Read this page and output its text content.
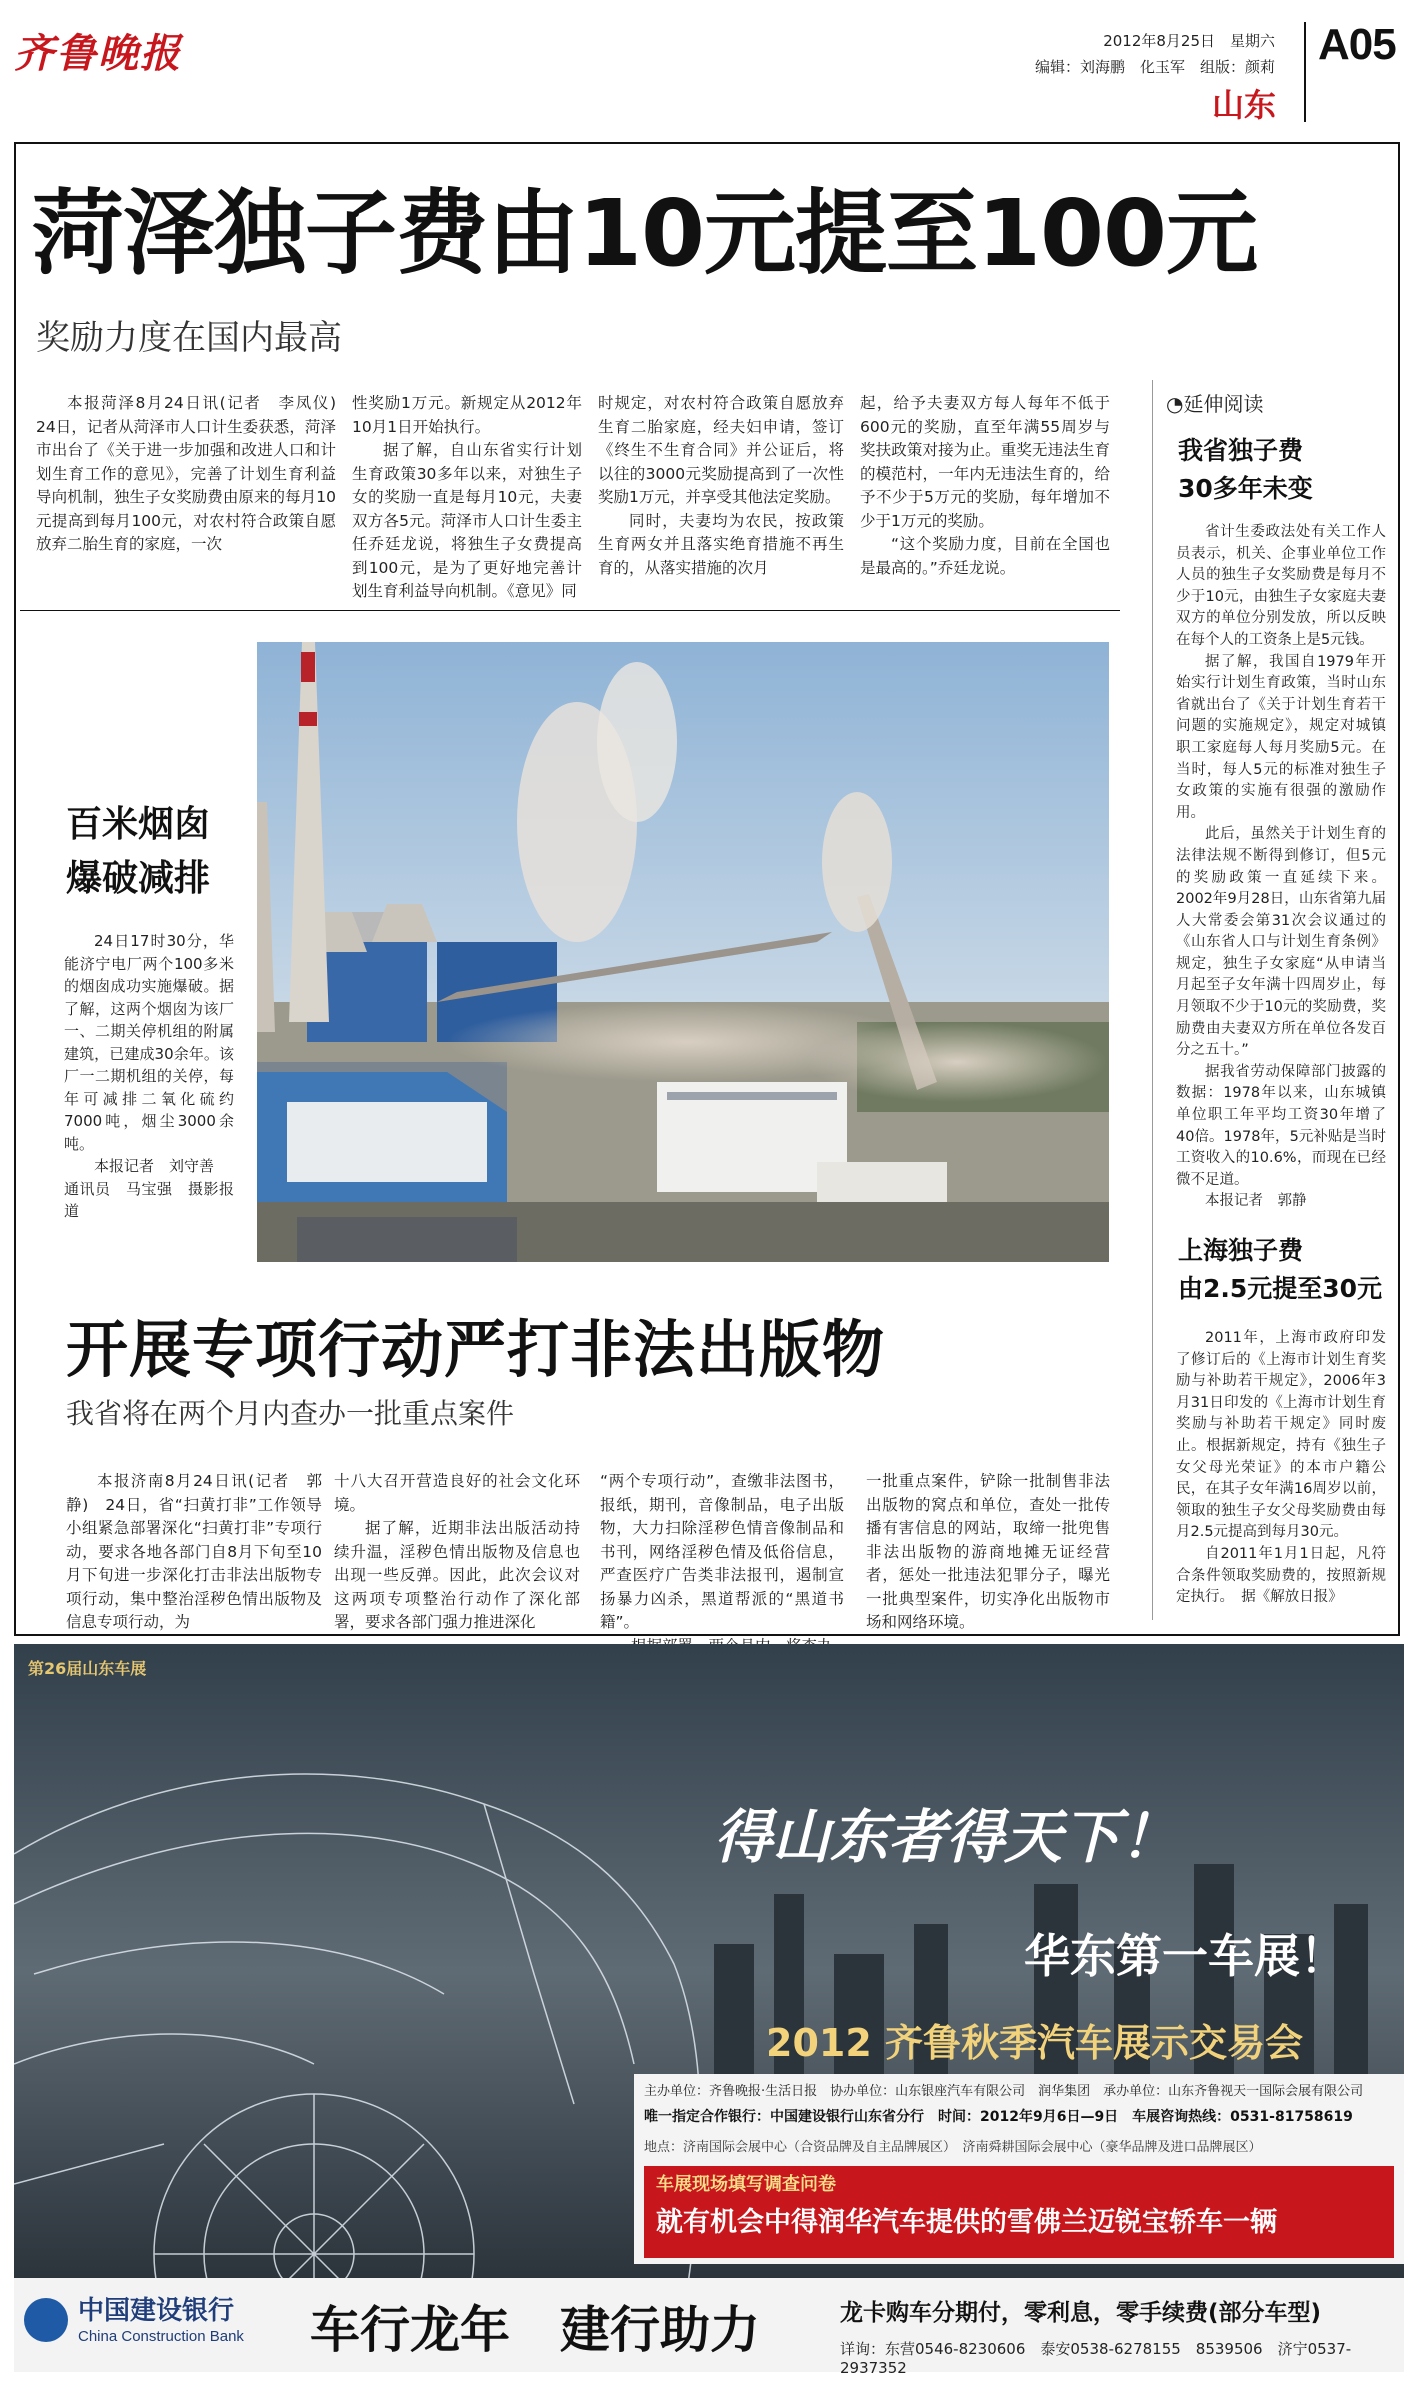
齐鲁晚报	2012年8月25日　星期六
编辑：刘海鹏　化玉军　组版：颜莉 A05
山东
菏泽独子费由10元提至100元
奖励力度在国内最高

本报菏泽8月24日讯(记者　李凤仪)　24日，记者从菏泽市人口计生委获悉，菏泽市出台了《关于进一步加强和改进人口和计划生育工作的意见》，完善了计划生育利益导向机制，独生子女奖励费由原来的每月10元提高到每月100元，对农村符合政策自愿放弃二胎生育的家庭，一次

性奖励1万元。新规定从2012年10月1日开始执行。

据了解，自山东省实行计划生育政策30多年以来，对独生子女的奖励一直是每月10元，夫妻双方各5元。菏泽市人口计生委主任乔廷龙说，将独生子女费提高到100元，是为了更好地完善计划生育利益导向机制。《意见》同

时规定，对农村符合政策自愿放弃生育二胎家庭，经夫妇申请，签订《终生不生育合同》并公证后，将以往的3000元奖励提高到了一次性奖励1万元，并享受其他法定奖励。

同时，夫妻均为农民，按政策生育两女并且落实绝育措施不再生育的，从落实措施的次月

起，给予夫妻双方每人每年不低于600元的奖励，直至年满55周岁与奖扶政策对接为止。重奖无违法生育的模范村，一年内无违法生育的，给予不少于5万元的奖励，每年增加不少于1万元的奖励。

“这个奖励力度，目前在全国也是最高的。”乔廷龙说。

◔延伸阅读
我省独子费
30多年未变

省计生委政法处有关工作人员表示，机关、企事业单位工作人员的独生子女奖励费是每月不少于10元，由独生子女家庭夫妻双方的单位分别发放，所以反映在每个人的工资条上是5元钱。

据了解，我国自1979年开始实行计划生育政策，当时山东省就出台了《关于计划生育若干问题的实施规定》，规定对城镇职工家庭每人每月奖励5元。在当时，每人5元的标准对独生子女政策的实施有很强的激励作用。

此后，虽然关于计划生育的法律法规不断得到修订，但5元的奖励政策一直延续下来。2002年9月28日，山东省第九届人大常委会第31次会议通过的《山东省人口与计划生育条例》规定，独生子女家庭“从申请当月起至子女年满十四周岁止，每月领取不少于10元的奖励费，奖励费由夫妻双方所在单位各发百分之五十。”

据我省劳动保障部门披露的数据：1978年以来，山东城镇单位职工年平均工资30年增了40倍。1978年，5元补贴是当时工资收入的10.6%，而现在已经微不足道。

本报记者　郭静

上海独子费
由2.5元提至30元

2011年，上海市政府印发了修订后的《上海市计划生育奖励与补助若干规定》，2006年3月31日印发的《上海市计划生育奖励与补助若干规定》同时废止。根据新规定，持有《独生子女父母光荣证》的本市户籍公民，在其子女年满16周岁以前，领取的独生子女父母奖励费由每月2.5元提高到每月30元。

自2011年1月1日起，凡符合条件领取奖励费的，按照新规定执行。　据《解放日报》

百米烟囱
爆破减排

24日17时30分，华能济宁电厂两个100多米的烟囱成功实施爆破。据了解，这两个烟囱为该厂一、二期关停机组的附属建筑，已建成30余年。该厂一二期机组的关停，每年可减排二氧化硫约7000吨，烟尘3000余吨。

本报记者　刘守善

通讯员　马宝强　摄影报道

开展专项行动严打非法出版物
我省将在两个月内查办一批重点案件

本报济南8月24日讯(记者　郭静)　24日，省“扫黄打非”工作领导小组紧急部署深化“扫黄打非”专项行动，要求各地各部门自8月下旬至10月下旬进一步深化打击非法出版物专项行动，集中整治淫秽色情出版物及信息专项行动，为

十八大召开营造良好的社会文化环境。

据了解，近期非法出版活动持续升温，淫秽色情出版物及信息也出现一些反弹。因此，此次会议对这两项专项整治行动作了深化部署，要求各部门强力推进深化

“两个专项行动”，查缴非法图书，报纸，期刊，音像制品，电子出版物，大力扫除淫秽色情音像制品和书刊，网络淫秽色情及低俗信息，严查医疗广告类非法报刊，遏制宣扬暴力凶杀，黑道帮派的“黑道书籍”。

一批重点案件，铲除一批制售非法出版物的窝点和单位，查处一批传播有害信息的网站，取缔一批兜售非法出版物的游商地摊无证经营者，惩处一批违法犯罪分子，曝光一批典型案件，切实净化出版物市场和网络环境。

第26届山东车展
得山东者得天下！
华东第一车展！
2012 齐鲁秋季汽车展示交易会
主办单位：齐鲁晚报·生活日报　协办单位：山东银座汽车有限公司　润华集团　承办单位：山东齐鲁视天一国际会展有限公司
唯一指定合作银行：中国建设银行山东省分行　时间：2012年9月6日—9日　车展咨询热线：0531-81758619
地点：济南国际会展中心（合资品牌及自主品牌展区）　济南舜耕国际会展中心（豪华品牌及进口品牌展区）
车展现场填写调查问卷
就有机会中得润华汽车提供的雪佛兰迈锐宝轿车一辆
中国建设银行
China Construction Bank 车行龙年　建行助力	龙卡购车分期付，零利息，零手续费(部分车型)
详询：东营0546-8230606　泰安0538-6278155　8539506　济宁0537-2937352
